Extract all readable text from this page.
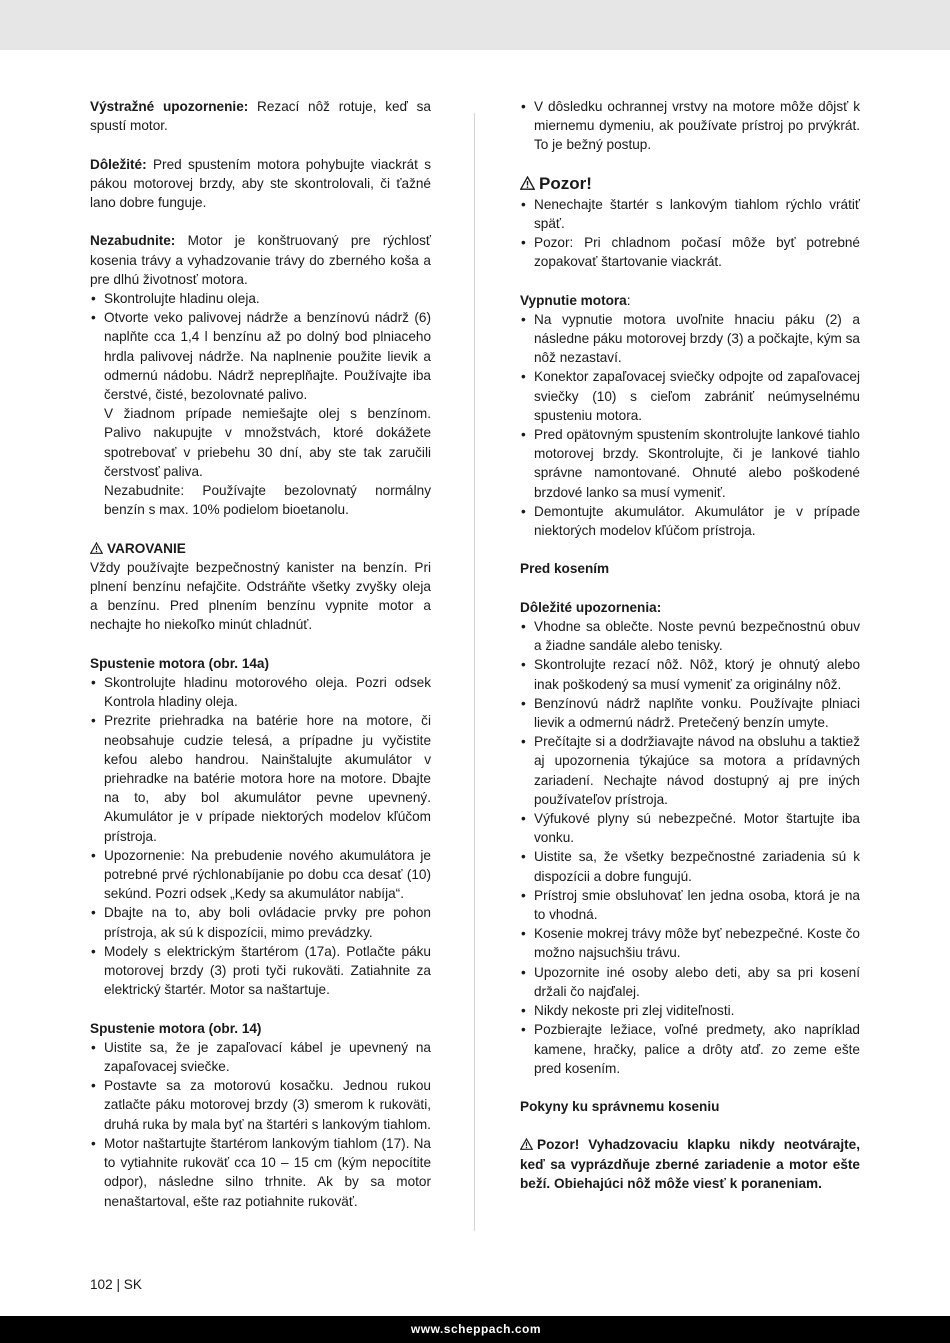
Výstražné upozornenie: Rezací nôž rotuje, keď sa spustí motor.

Dôležité: Pred spustením motora pohybujte viackrát s pákou motorovej brzdy, aby ste skontrolovali, či ťažné lano dobre funguje.

Nezabudnite: Motor je konštruovaný pre rýchlosť kosenia trávy a vyhadzovanie trávy do zberného koša a pre dlhú životnosť motora.

• Skontrolujte hladinu oleja.
• Otvorte veko palivovej nádrže a benzínovú nádrž (6) naplňte cca 1,4 l benzínu až po dolný bod plniaceho hrdla palivovej nádrže. Na naplnenie použite lievik a odmernú nádobu. Nádrž nepreplňajte. Používajte iba čerstvé, čisté, bezolovnaté palivo.
V žiadnom prípade nemiešajte olej s benzínom. Palivo nakupujte v množstvách, ktoré dokážete spotrebovať v priebehu 30 dní, aby ste tak zaručili čerstvosť paliva.
Nezabudnite: Používajte bezolovnatý normálny benzín s max. 10% podielom bioetanolu.
VAROVANIE

Vždy používajte bezpečnostný kanister na benzín. Pri plnení benzínu nefajčite. Odstráňte všetky zvyšky oleja a benzínu. Pred plnením benzínu vypnite motor a nechajte ho niekoľko minút chladnúť.

Spustenie motora (obr. 14a)
• Skontrolujte hladinu motorového oleja. Pozri odsek Kontrola hladiny oleja.
• Prezrite priehradka na batérie hore na motore, či neobsahuje cudzie telesá, a prípadne ju vyčistite kefou alebo handrou. Nainštalujte akumulátor v priehradke na batérie motora hore na motore. Dbajte na to, aby bol akumulátor pevne upevnený. Akumulátor je v prípade niektorých modelov kľúčom prístroja.
• Upozornenie: Na prebudenie nového akumulátora je potrebné prvé rýchlonabíjanie po dobu cca desať (10) sekúnd. Pozri odsek „Kedy sa akumulátor nabíja“.
• Dbajte na to, aby boli ovládacie prvky pre pohon prístroja, ak sú k dispozícii, mimo prevádzky.
• Modely s elektrickým štartérom (17a). Potlačte páku motorovej brzdy (3) proti tyči rukoväti. Zatiahnite za elektrický štartér. Motor sa naštartuje.
Spustenie motora (obr. 14)
• Uistite sa, že je zapaľovací kábel je upevnený na zapaľovacej sviečke.
• Postavte sa za motorovú kosačku. Jednou rukou zatlačte páku motorovej brzdy (3) smerom k rukoväti, druhá ruka by mala byť na štartéri s lankovým tiahlom.
• Motor naštartujte štartérom lankovým tiahlom (17). Na to vytiahnite rukoväť cca 10 – 15 cm (kým nepocítite odpor), následne silno trhnite. Ak by sa motor nenaštartoval, ešte raz potiahnite rukoväť.
• V dôsledku ochrannej vrstvy na motore môže dôjsť k miernemu dymeniu, ak používate prístroj po prvýkrát. To je bežný postup.
Pozor!
• Nenechajte štartér s lankovým tiahlom rýchlo vrátiť späť.
• Pozor: Pri chladnom počasí môže byť potrebné zopakovať štartovanie viackrát.
Vypnutie motora:
• Na vypnutie motora uvoľnite hnaciu páku (2) a následne páku motorovej brzdy (3) a počkajte, kým sa nôž nezastaví.
• Konektor zapaľovacej sviečky odpojte od zapaľovacej sviečky (10) s cieľom zabrániť neúmyselnému spusteniu motora.
• Pred opätovným spustením skontrolujte lankové tiahlo motorovej brzdy. Skontrolujte, či je lankové tiahlo správne namontované. Ohnuté alebo poškodené brzdové lanko sa musí vymeniť.
• Demontujte akumulátor. Akumulátor je v prípade niektorých modelov kľúčom prístroja.
Pred kosením
Dôležité upozornenia:
• Vhodne sa oblečte. Noste pevnú bezpečnostnú obuv a žiadne sandále alebo tenisky.
• Skontrolujte rezací nôž. Nôž, ktorý je ohnutý alebo inak poškodený sa musí vymeniť za originálny nôž.
• Benzínovú nádrž naplňte vonku. Používajte plniaci lievik a odmernú nádrž. Pretečený benzín umyte.
• Prečítajte si a dodržiavajte návod na obsluhu a taktiež aj upozornenia týkajúce sa motora a prídavných zariadení. Nechajte návod dostupný aj pre iných používateľov prístroja.
• Výfukové plyny sú nebezpečné. Motor štartujte iba vonku.
• Uistite sa, že všetky bezpečnostné zariadenia sú k dispozícii a dobre fungujú.
• Prístroj smie obsluhovať len jedna osoba, ktorá je na to vhodná.
• Kosenie mokrej trávy môže byť nebezpečné. Koste čo možno najsuchšiu trávu.
• Upozornite iné osoby alebo deti, aby sa pri kosení držali čo najďalej.
• Nikdy nekoste pri zlej viditeľnosti.
• Pozbierajte ležiace, voľné predmety, ako napríklad kamene, hračky, palice a drôty atď. zo zeme ešte pred kosením.
Pokyny ku správnemu koseniu

Pozor! Vyhadzovaciu klapku nikdy neotvárajte, keď sa vyprázdňuje zberné zariadenie a motor ešte beží. Obiehajúci nôž môže viesť k poraneniam.

102 | SK
www.scheppach.com
